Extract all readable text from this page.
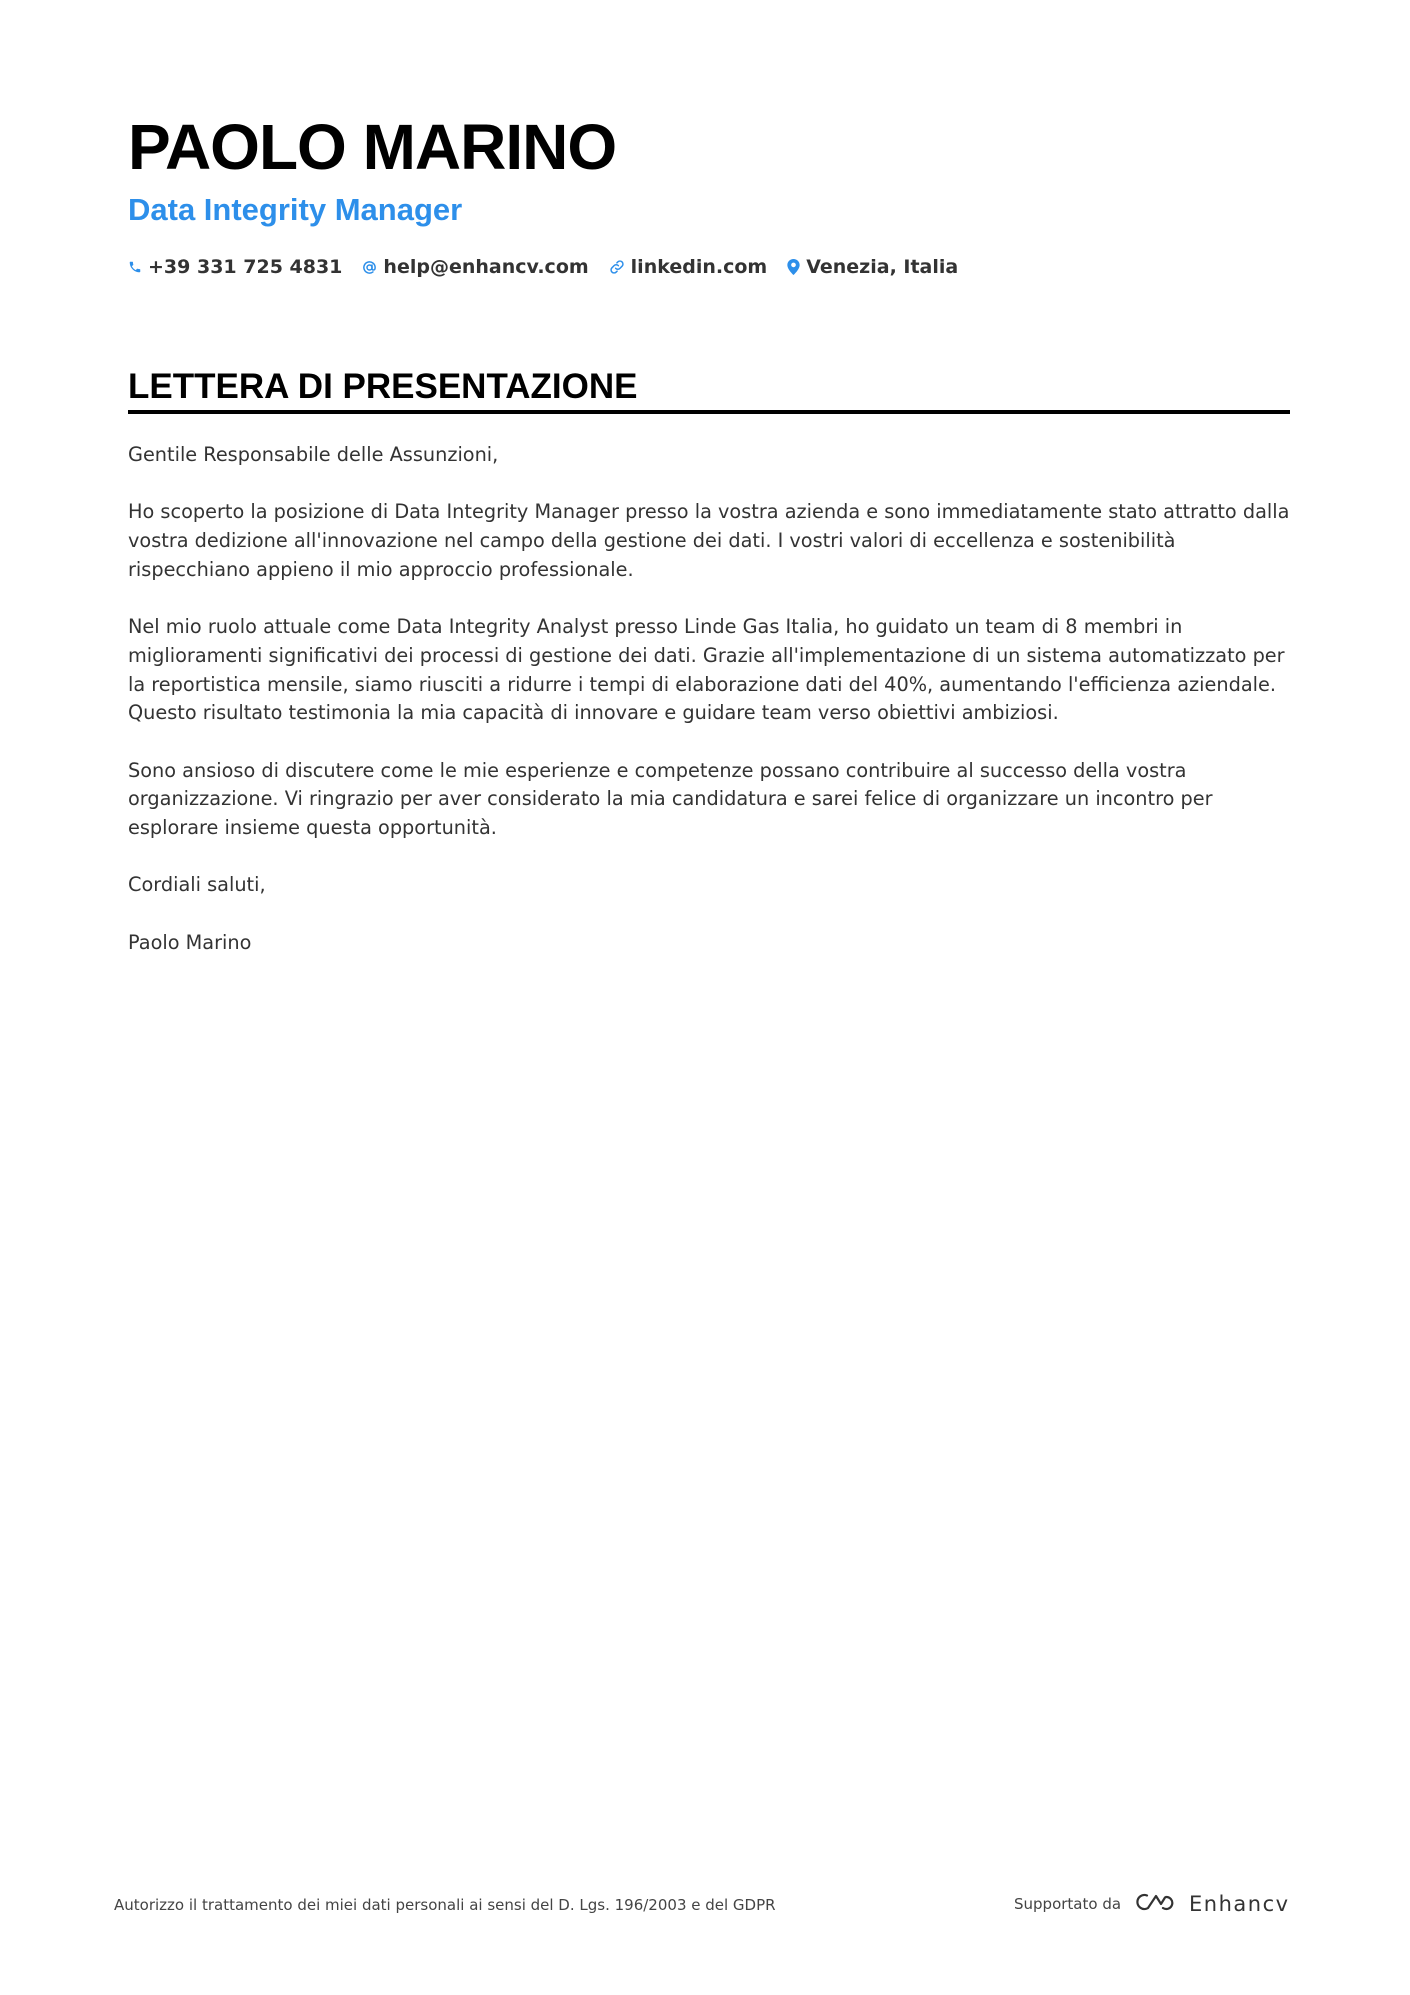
PAOLO MARINO
Data Integrity Manager
+39 331 725 4831 help@enhancv.com linkedin.com Venezia, Italia
LETTERA DI PRESENTAZIONE

Gentile Responsabile delle Assunzioni,

Ho scoperto la posizione di Data Integrity Manager presso la vostra azienda e sono immediatamente stato attratto dalla vostra dedizione all'innovazione nel campo della gestione dei dati. I vostri valori di eccellenza e sostenibilità rispecchiano appieno il mio approccio professionale.

Nel mio ruolo attuale come Data Integrity Analyst presso Linde Gas Italia, ho guidato un team di 8 membri in miglioramenti significativi dei processi di gestione dei dati. Grazie all'implementazione di un sistema automatizzato per la reportistica mensile, siamo riusciti a ridurre i tempi di elaborazione dati del 40%, aumentando l'efficienza aziendale. Questo risultato testimonia la mia capacità di innovare e guidare team verso obiettivi ambiziosi.

Sono ansioso di discutere come le mie esperienze e competenze possano contribuire al successo della vostra organizzazione. Vi ringrazio per aver considerato la mia candidatura e sarei felice di organizzare un incontro per esplorare insieme questa opportunità.

Cordiali saluti,

Paolo Marino

Autorizzo il trattamento dei miei dati personali ai sensi del D. Lgs. 196/2003 e del GDPR	Supportato da	Enhancv
